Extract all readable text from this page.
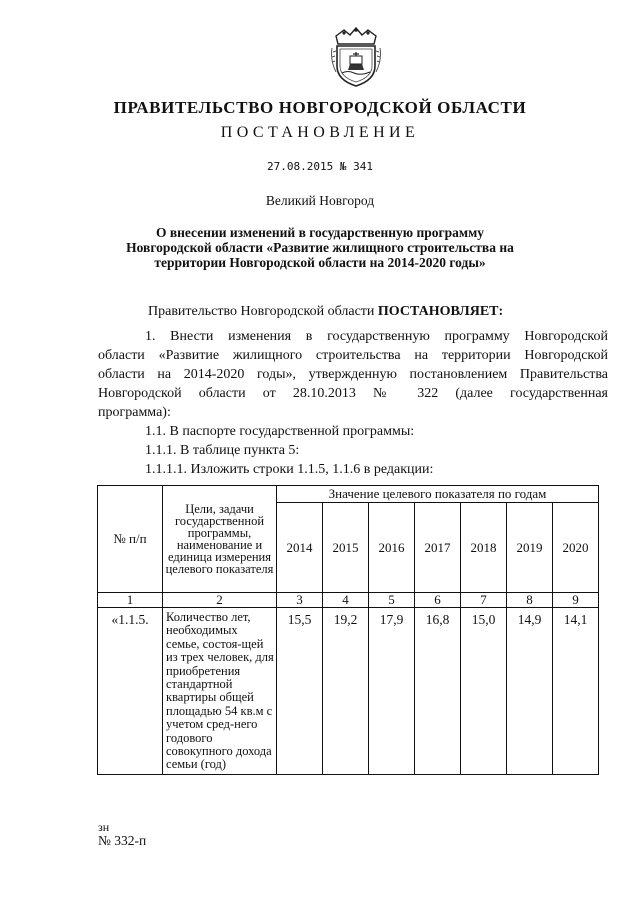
ПРАВИТЕЛЬСТВО НОВГОРОДСКОЙ ОБЛАСТИ
ПОСТАНОВЛЕНИЕ
27.08.2015 № 341
Великий Новгород
О внесении изменений в государственную программу
Новгородской области «Развитие жилищного строительства на
территории Новгородской области на 2014-2020 годы»

Правительство Новгородской области ПОСТАНОВЛЯЕТ:

1. Внести изменения в государственную программу Новгородской
области «Развитие жилищного строительства на территории Новгородской
области на 2014-2020 годы», утвержденную постановлением Правительства
Новгородской области от 28.10.2013 № 322 (далее государственная
программа):

1.1. В паспорте государственной программы:

1.1.1. В таблице пункта 5:

1.1.1.1. Изложить строки 1.1.5, 1.1.6 в редакции:

№ п/п	Цели, задачи государственной программы, наименование и единица измерения целевого показателя	Значение целевого показателя по годам						
		2014	2015	2016	2017	2018	2019	2020
1	2	3	4	5	6	7	8	9
«1.1.5.	Количество лет, необходимых семье, состоя-щей из трех человек, для приобретения стандартной квартиры общей площадью 54 кв.м с учетом сред-него годового совокупного дохода семьи (год)	15,5	19,2	17,9	16,8	15,0	14,9	14,1
зн
№ 332-п
